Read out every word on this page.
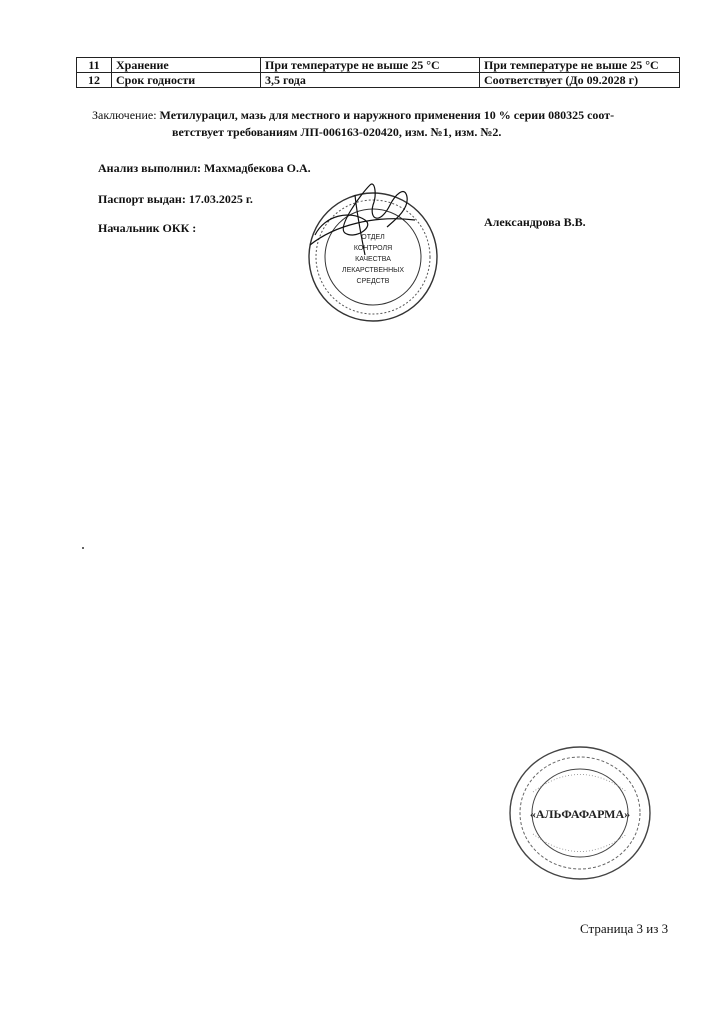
11	Хранение	При температуре не выше 25 °С	При температуре не выше 25 °С
12	Срок годности	3,5 года	Соответствует (До 09.2028 г)
Заключение: Метилурацил, мазь для местного и наружного применения 10 % серии 080325 соот-
ветствует требованиям ЛП-006163-020420, изм. №1, изм. №2.
Анализ выполнил: Махмадбекова О.А.
Паспорт выдан: 17.03.2025 г.
Начальник ОКК :	Александрова В.В.
ОТДЕЛ
КОНТРОЛЯ
КАЧЕСТВА
ЛЕКАРСТВЕННЫХ
СРЕДСТВ
«АЛЬФАФАРМА»
Страница 3 из 3
